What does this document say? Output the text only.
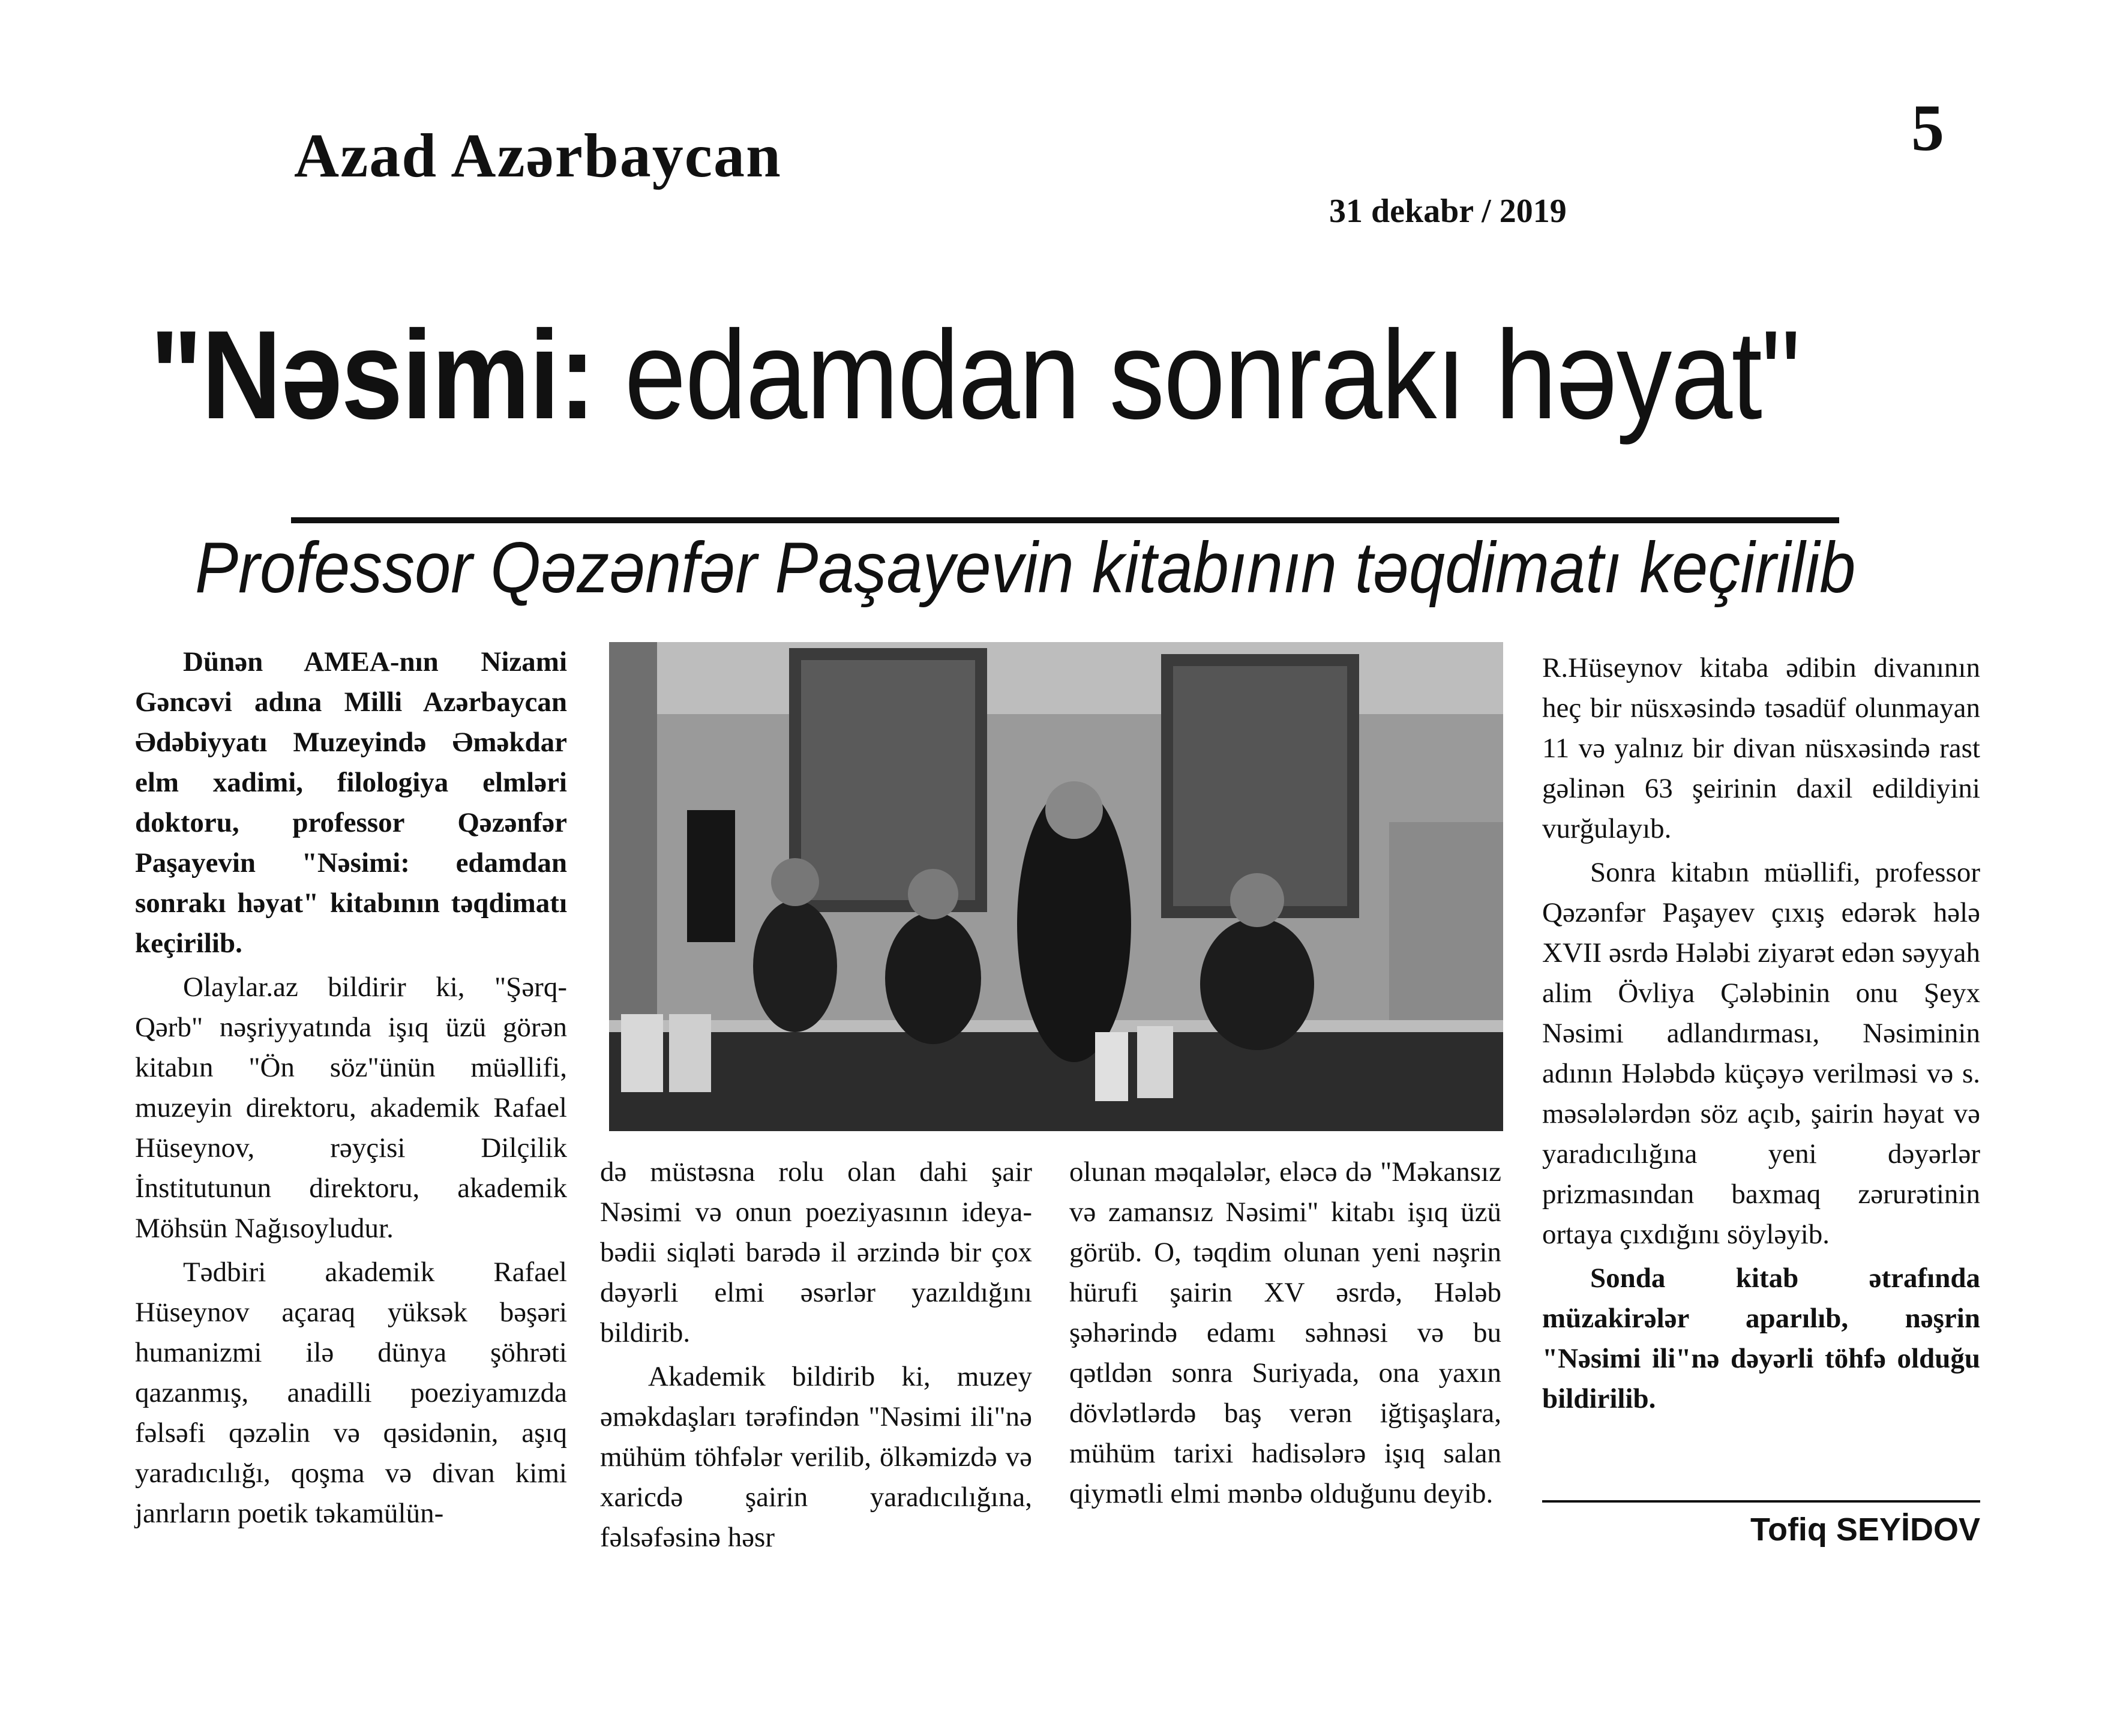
Azad Azərbaycan	5
31 dekabr / 2019
"Nəsimi: edamdan sonrakı həyat"
Professor Qəzənfər Paşayevin kitabının təqdimatı keçirilib

Dünən AMEA-nın Nizami Gəncəvi adına Milli Azərbaycan Ədəbiyyatı Muzeyində Əməkdar elm xadimi, filologiya elmləri doktoru, professor Qəzənfər Paşayevin "Nəsimi: edamdan sonrakı həyat" kitabının təqdimatı keçirilib.

Olaylar.az bildirir ki, "Şərq-Qərb" nəşriyyatında işıq üzü görən kitabın "Ön söz"ünün müəllifi, muzeyin direktoru, akademik Rafael Hüseynov, rəyçisi Dilçilik İnstitutunun direktoru, akademik Möhsün Nağısoyludur.

Tədbiri akademik Rafael Hüseynov açaraq yüksək bəşəri humanizmi ilə dünya şöhrəti qazanmış, anadilli poeziyamızda fəlsəfi qəzəlin və qəsidənin, aşıq yaradıcılığı, qoşma və divan kimi janrların poetik təkamülün-

də müstəsna rolu olan dahi şair Nəsimi və onun poeziyasının ideya-bədii siqləti barədə il ərzində bir çox dəyərli elmi əsərlər yazıldığını bildirib.

Akademik bildirib ki, muzey əməkdaşları tərəfindən "Nəsimi ili"nə mühüm töhfələr verilib, ölkəmizdə və xaricdə şairin yaradıcılığına, fəlsəfəsinə həsr

olunan məqalələr, eləcə də "Məkansız və zamansız Nəsimi" kitabı işıq üzü görüb. O, təqdim olunan yeni nəşrin hürufi şairin XV əsrdə, Hələb şəhərində edamı səhnəsi və bu qətldən sonra Suriyada, ona yaxın dövlətlərdə baş verən iğtişaşlara, mühüm tarixi hadisələrə işıq salan qiymətli elmi mənbə olduğunu deyib.

R.Hüseynov kitaba ədibin divanının heç bir nüsxəsində təsadüf olunmayan 11 və yalnız bir divan nüsxəsində rast gəlinən 63 şeirinin daxil edildiyini vurğulayıb.

Sonra kitabın müəllifi, professor Qəzənfər Paşayev çıxış edərək hələ XVII əsrdə Hələbi ziyarət edən səyyah alim Övliya Çələbinin onu Şeyx Nəsimi adlandırması, Nəsiminin adının Hələbdə küçəyə verilməsi və s. məsələlərdən söz açıb, şairin həyat və yaradıcılığına yeni dəyərlər prizmasından baxmaq zərurətinin ortaya çıxdığını söyləyib.

Sonda kitab ətrafında müzakirələr aparılıb, nəşrin "Nəsimi ili"nə dəyərli töhfə olduğu bildirilib.

Tofiq SEYİDOV
